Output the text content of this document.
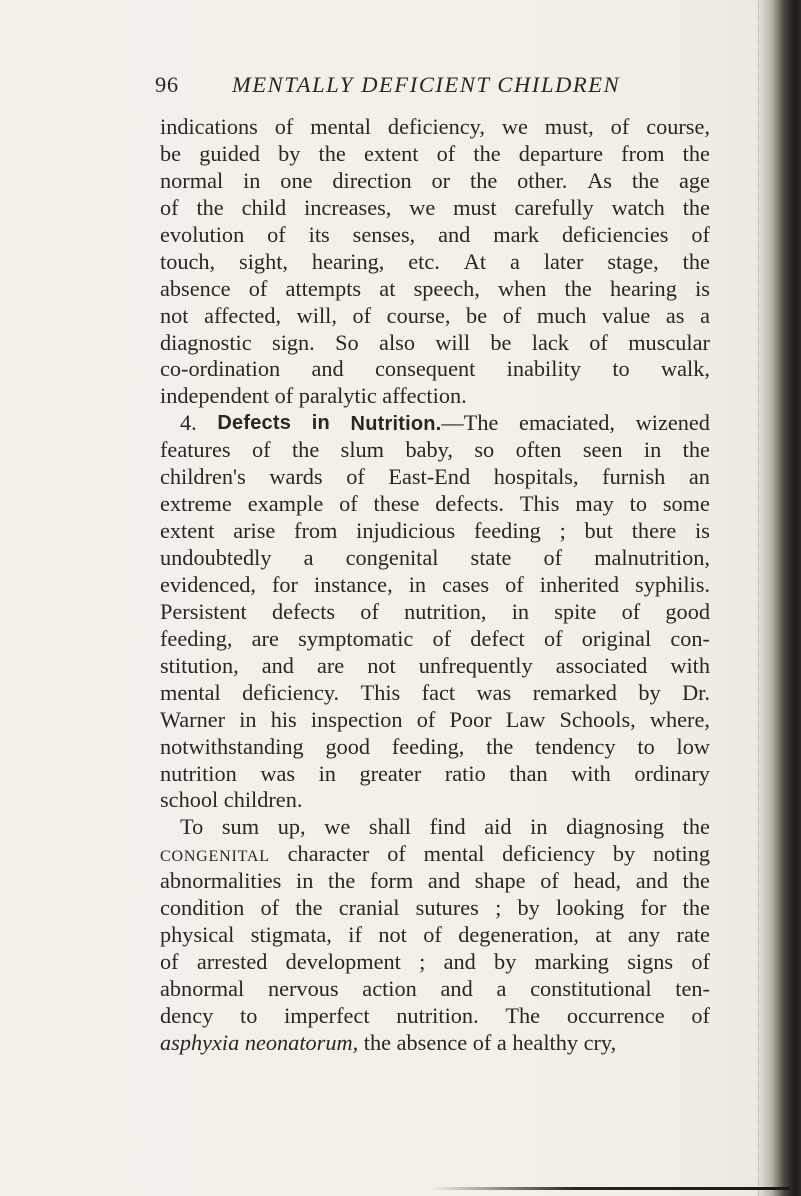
96 MENTALLY DEFICIENT CHILDREN
indications of mental deficiency, we must, of course,
be guided by the extent of the departure from the
normal in one direction or the other. As the age
of the child increases, we must carefully watch the
evolution of its senses, and mark deficiencies of
touch, sight, hearing, etc. At a later stage, the
absence of attempts at speech, when the hearing is
not affected, will, of course, be of much value as a
diagnostic sign. So also will be lack of muscular
co-ordination and consequent inability to walk,
independent
of
paralytic
affection.
4. Defects in Nutrition.—The emaciated, wizened
features of the slum baby, so often seen in the
children's wards of East-End hospitals, furnish an
extreme example of these defects. This may to some
extent arise from injudicious feeding ; but there is
undoubtedly a congenital state of malnutrition,
evidenced, for instance, in cases of inherited syphilis.
Persistent defects of nutrition, in spite of good
feeding, are symptomatic of defect of original con-
stitution, and are not unfrequently associated with
mental deficiency. This fact was remarked by Dr.
Warner in his inspection of Poor Law Schools, where,
notwithstanding good feeding, the tendency to low
nutrition was in greater ratio than with ordinary
school
children.
To sum up, we shall find aid in diagnosing the
congenital character of mental deficiency by noting
abnormalities in the form and shape of head, and the
condition of the cranial sutures ; by looking for the
physical stigmata, if not of degeneration, at any rate
of arrested development ; and by marking signs of
abnormal nervous action and a constitutional ten-
dency to imperfect nutrition. The occurrence of
asphyxia
neonatorum,
the
absence
of
a
healthy
cry,
